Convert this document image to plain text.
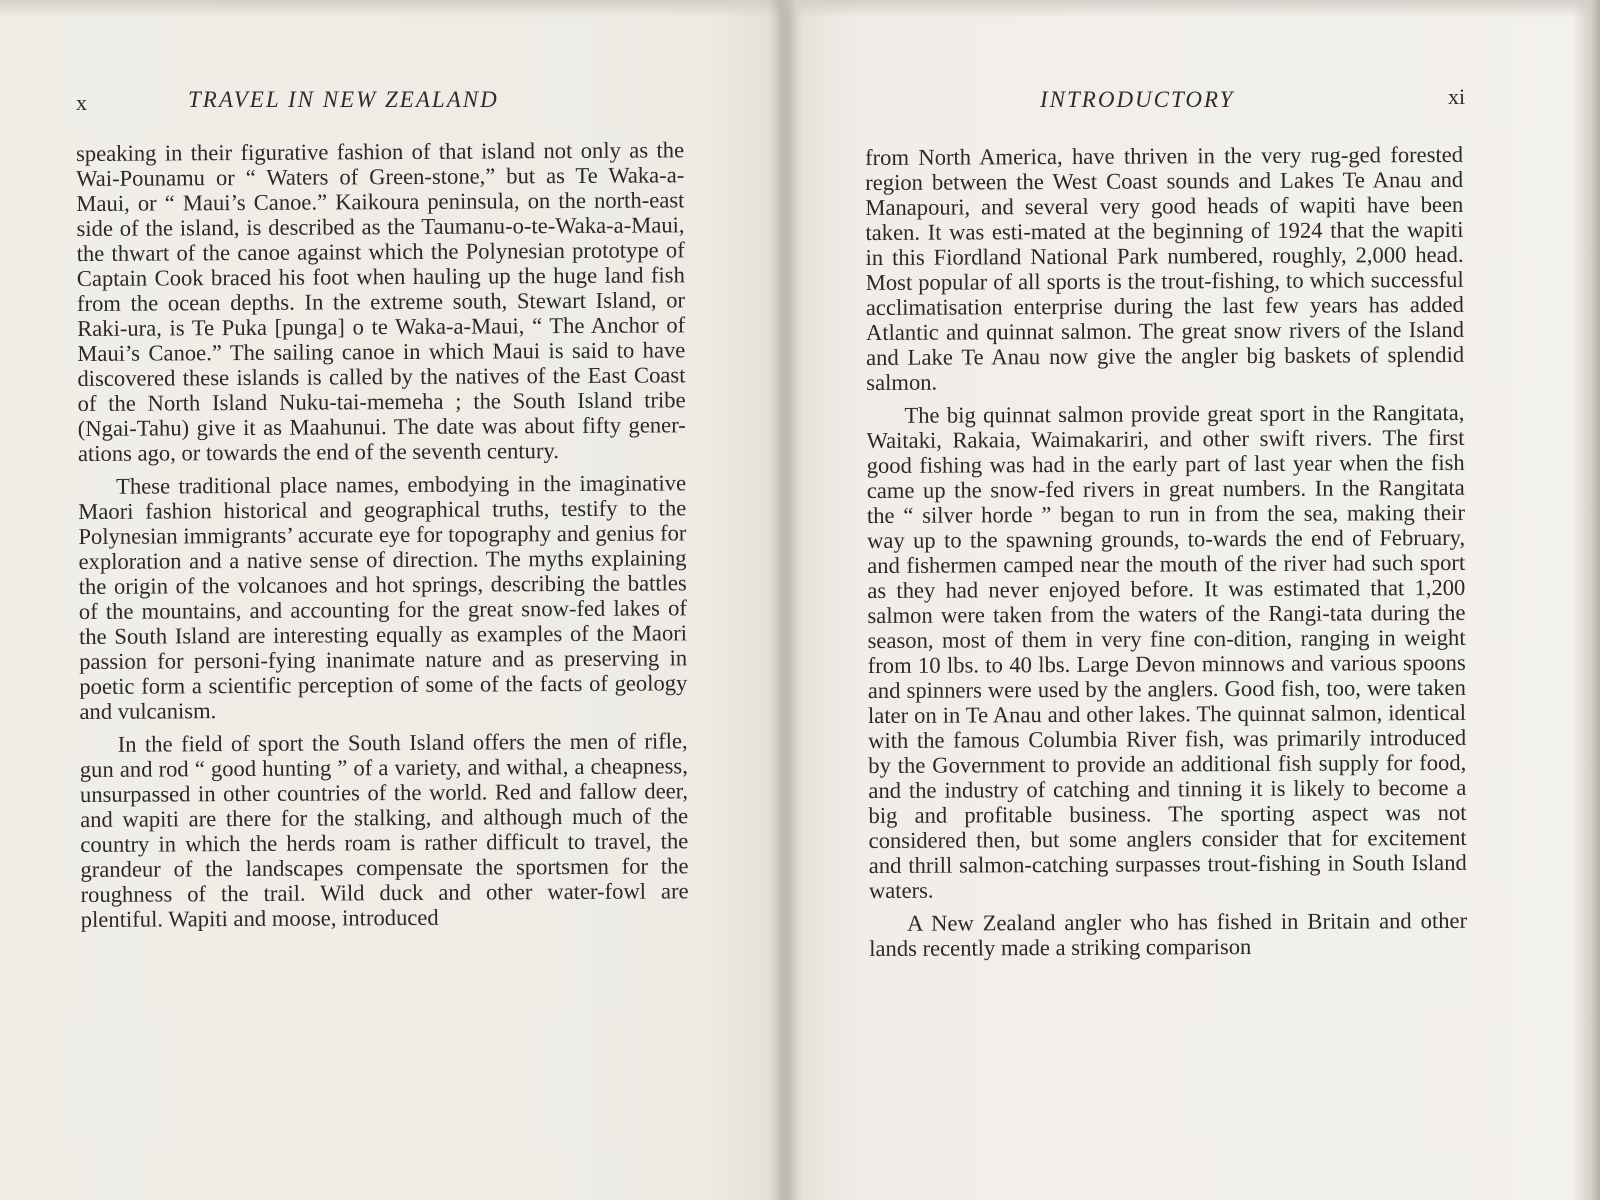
x	TRAVEL IN NEW ZEALAND

speaking in their figurative fashion of that island not only as the Wai-Pounamu or “ Waters of Green-stone,” but as Te Waka-a-Maui, or “ Maui’s Canoe.” Kaikoura peninsula, on the north-east side of the island, is described as the Taumanu-o-te-Waka-a-Maui, the thwart of the canoe against which the Polynesian prototype of Captain Cook braced his foot when hauling up the huge land fish from the ocean depths. In the extreme south, Stewart Island, or Raki-ura, is Te Puka [punga] o te Waka-a-Maui, “ The Anchor of Maui’s Canoe.” The sailing canoe in which Maui is said to have discovered these islands is called by the natives of the East Coast of the North Island Nuku-tai-memeha ; the South Island tribe (Ngai-Tahu) give it as Maahunui. The date was about fifty gener-ations ago, or towards the end of the seventh century.

These traditional place names, embodying in the imaginative Maori fashion historical and geographical truths, testify to the Polynesian immigrants’ accurate eye for topography and genius for exploration and a native sense of direction. The myths explaining the origin of the volcanoes and hot springs, describing the battles of the mountains, and accounting for the great snow-fed lakes of the South Island are interesting equally as examples of the Maori passion for personi-fying inanimate nature and as preserving in poetic form a scientific perception of some of the facts of geology and vulcanism.

In the field of sport the South Island offers the men of rifle, gun and rod “ good hunting ” of a variety, and withal, a cheapness, unsurpassed in other countries of the world. Red and fallow deer, and wapiti are there for the stalking, and although much of the country in which the herds roam is rather difficult to travel, the grandeur of the landscapes compensate the sportsmen for the roughness of the trail. Wild duck and other water-fowl are plentiful. Wapiti and moose, introduced

INTRODUCTORY	xi

from North America, have thriven in the very rug-ged forested region between the West Coast sounds and Lakes Te Anau and Manapouri, and several very good heads of wapiti have been taken. It was esti-mated at the beginning of 1924 that the wapiti in this Fiordland National Park numbered, roughly, 2,000 head. Most popular of all sports is the trout-fishing, to which successful acclimatisation enterprise during the last few years has added Atlantic and quinnat salmon. The great snow rivers of the Island and Lake Te Anau now give the angler big baskets of splendid salmon.

The big quinnat salmon provide great sport in the Rangitata, Waitaki, Rakaia, Waimakariri, and other swift rivers. The first good fishing was had in the early part of last year when the fish came up the snow-fed rivers in great numbers. In the Rangitata the “ silver horde ” began to run in from the sea, making their way up to the spawning grounds, to-wards the end of February, and fishermen camped near the mouth of the river had such sport as they had never enjoyed before. It was estimated that 1,200 salmon were taken from the waters of the Rangi-tata during the season, most of them in very fine con-dition, ranging in weight from 10 lbs. to 40 lbs. Large Devon minnows and various spoons and spinners were used by the anglers. Good fish, too, were taken later on in Te Anau and other lakes. The quinnat salmon, identical with the famous Columbia River fish, was primarily introduced by the Government to provide an additional fish supply for food, and the industry of catching and tinning it is likely to become a big and profitable business. The sporting aspect was not considered then, but some anglers consider that for excitement and thrill salmon-catching surpasses trout-fishing in South Island waters.

A New Zealand angler who has fished in Britain and other lands recently made a striking comparison
